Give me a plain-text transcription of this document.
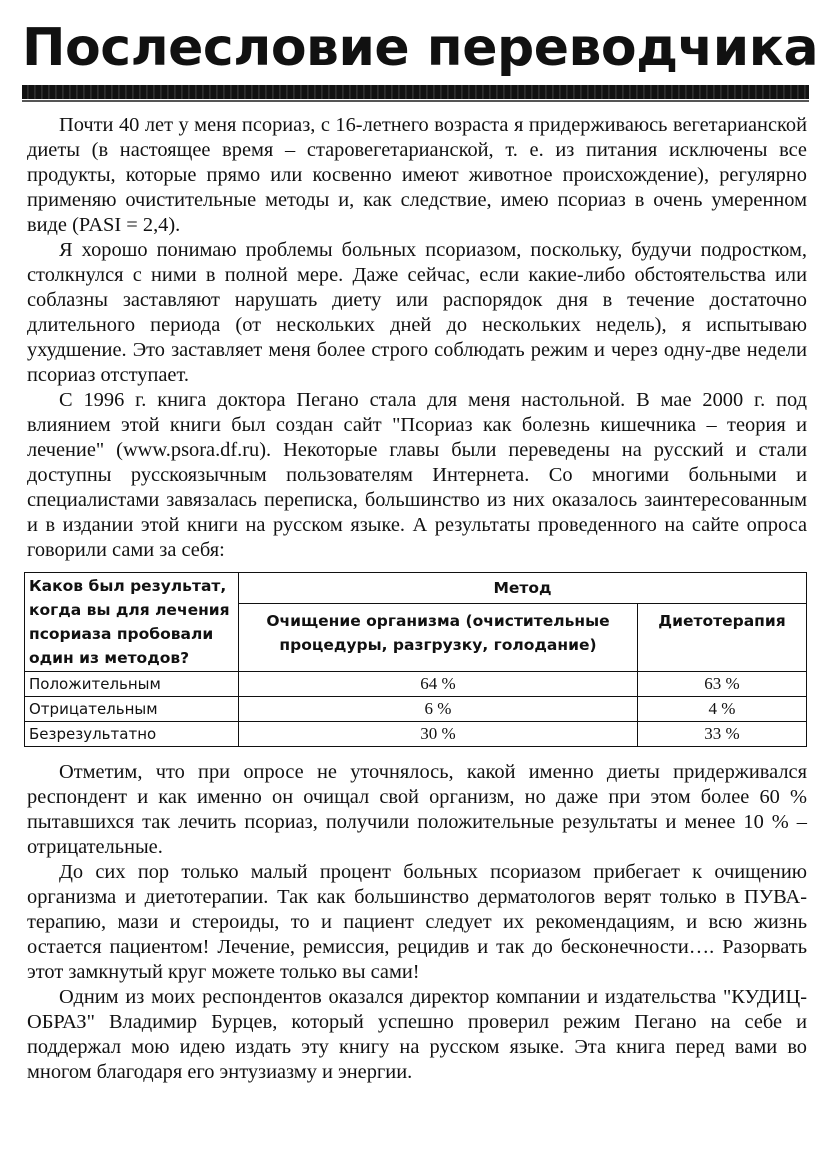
Послесловие переводчика

Почти 40 лет у меня псориаз, с 16-летнего возраста я придерживаюсь вегетарианской диеты (в настоящее время – старовегетарианской, т. е. из питания исключены все продукты, которые прямо или косвенно имеют животное происхождение), регулярно применяю очистительные методы и, как следствие, имею псориаз в очень умеренном виде (PASI = 2,4).

Я хорошо понимаю проблемы больных псориазом, поскольку, будучи подростком, столкнулся с ними в полной мере. Даже сейчас, если какие-либо обстоятельства или соблазны заставляют нарушать диету или распорядок дня в течение достаточно длительного периода (от нескольких дней до нескольких недель), я испытываю ухудшение. Это заставляет меня более строго соблюдать режим и через одну-две недели псориаз отступает.

С 1996 г. книга доктора Пегано стала для меня настольной. В мае 2000 г. под влиянием этой книги был создан сайт "Псориаз как болезнь кишечника – теория и лечение" (www.psora.df.ru). Некоторые главы были переведены на русский и стали доступны русскоязычным пользователям Интернета. Со многими больными и специалистами завязалась переписка, большинство из них оказалось заинтересованным и в издании этой книги на русском языке. А результаты проведенного на сайте опроса говорили сами за себя:

Каков был результат, когда вы для лечения псориаза пробовали один из методов?	Метод	
	Очищение организма (очистительные процедуры, разгрузку, голодание)	Диетотерапия
Положительным	64 %	63 %
Отрицательным	6 %	4 %
Безрезультатно	30 %	33 %

Отметим, что при опросе не уточнялось, какой именно диеты придерживался респондент и как именно он очищал свой организм, но даже при этом более 60 % пытавшихся так лечить псориаз, получили положительные результаты и менее 10 % – отрицательные.

До сих пор только малый процент больных псориазом прибегает к очищению организма и диетотерапии. Так как большинство дерматологов верят только в ПУВА-терапию, мази и стероиды, то и пациент следует их рекомендациям, и всю жизнь остается пациентом! Лечение, ремиссия, рецидив и так до бесконечности…. Разорвать этот замкнутый круг можете только вы сами!

Одним из моих респондентов оказался директор компании и издательства "КУДИЦ-ОБРАЗ" Владимир Бурцев, который успешно проверил режим Пегано на себе и поддержал мою идею издать эту книгу на русском языке. Эта книга перед вами во многом благодаря его энтузиазму и энергии.
